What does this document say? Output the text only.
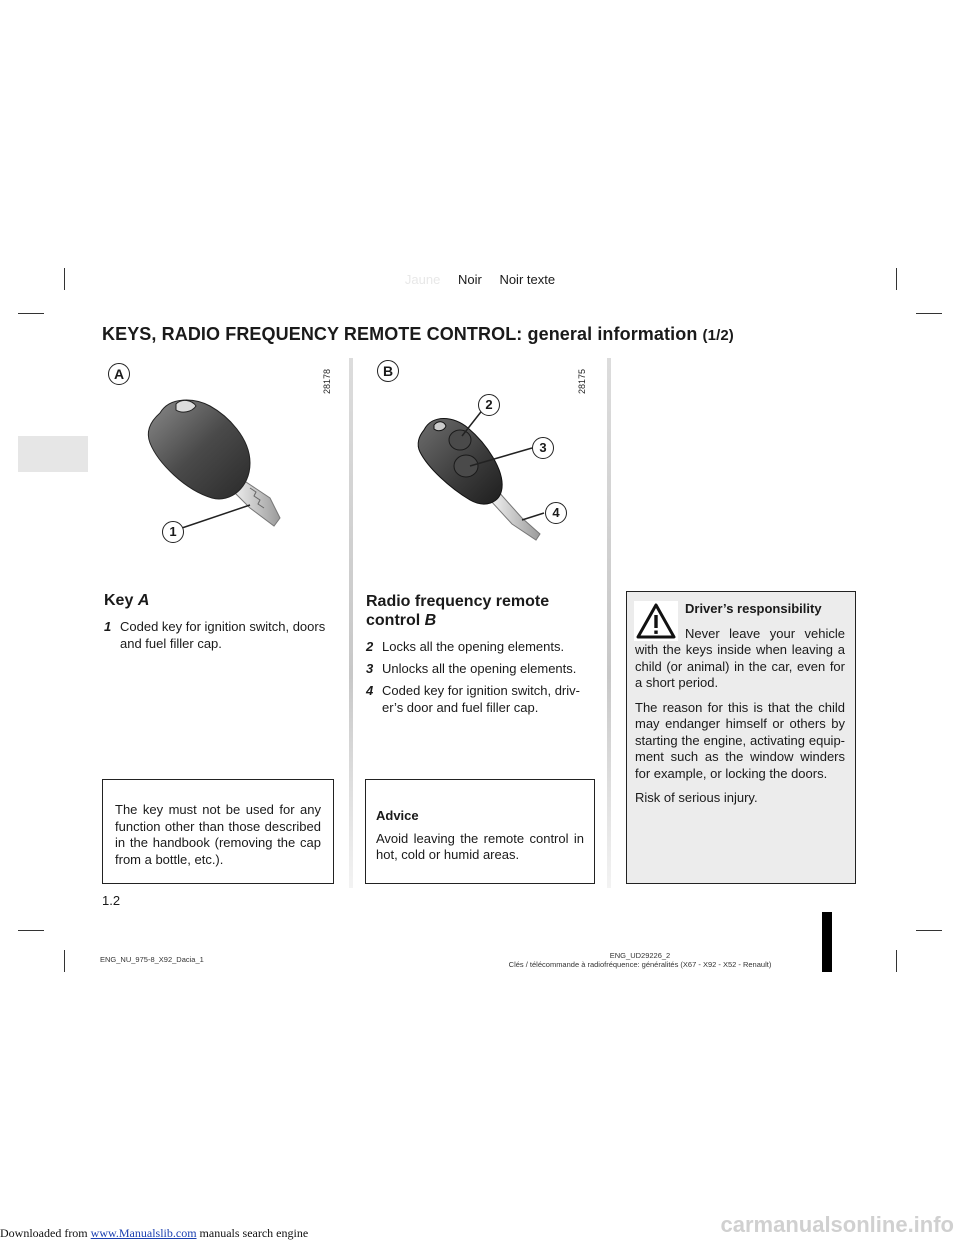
Jaune Noir Noir texte
KEYS, RADIO FREQUENCY REMOTE CONTROL: general information (1/2)
A	28178
1
B	28175
2
3
4
Key A
1 Coded key for ignition switch, doors and fuel filler cap.
Radio frequency remote
control B
2 Locks all the opening elements.
3 Unlocks all the opening elements.
4 Coded key for ignition switch, driv-er’s door and fuel filler cap.

The key must not be used for any function other than those described in the handbook (removing the cap from a bottle, etc.).

Advice

Avoid leaving the remote control in hot, cold or humid areas.

Driver’s responsibility

Never leave your vehicle with the keys inside when leaving a child (or animal) in the car, even for a short period.

The reason for this is that the child may endanger himself or others by starting the engine, activating equip-ment such as the window winders for example, or locking the doors.

Risk of serious injury.

1.2
ENG_NU_975-8_X92_Dacia_1	ENG_UD29226_2
Clés / télécommande à radiofréquence: généralités (X67 - X92 - X52 - Renault)
Downloaded from www.Manualslib.com manuals search engine	carmanualsonline.info
